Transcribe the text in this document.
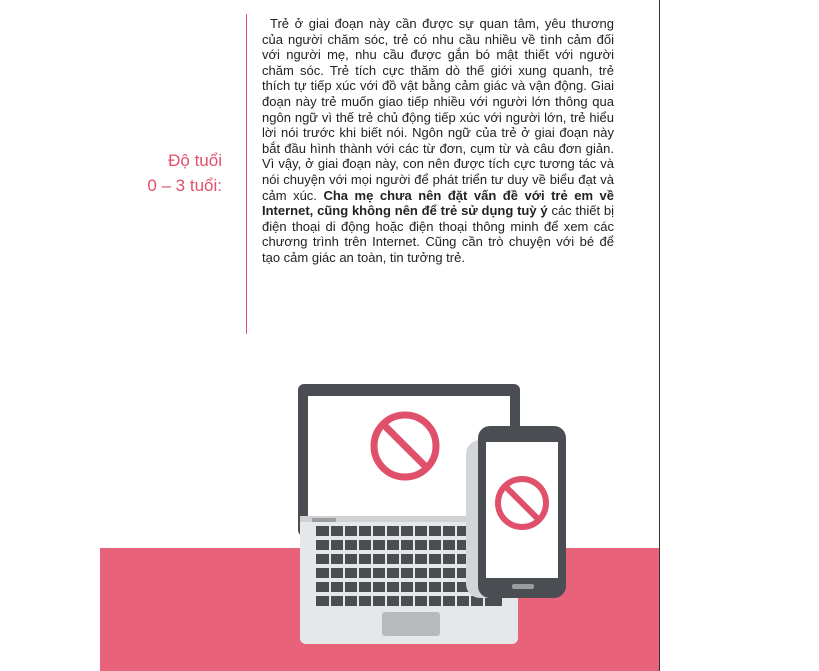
Độ tuổi
0 – 3 tuổi:
Trẻ ở giai đoạn này cần được sự quan tâm, yêu thương của người chăm sóc, trẻ có nhu cầu nhiều về tình cảm đối với người mẹ, nhu cầu được gắn bó mật thiết với người chăm sóc. Trẻ tích cực thăm dò thế giới xung quanh, trẻ thích tự tiếp xúc với đồ vật bằng cảm giác và vận động. Giai đoạn này trẻ muốn giao tiếp nhiều với người lớn thông qua ngôn ngữ vì thế trẻ chủ động tiếp xúc với người lớn, trẻ hiểu lời nói trước khi biết nói. Ngôn ngữ của trẻ ở giai đoạn này bắt đầu hình thành với các từ đơn, cụm từ và câu đơn giản. Vì vậy, ở giai đoạn này, con nên được tích cực tương tác và nói chuyện với mọi người để phát triển tư duy về biểu đạt và cảm xúc. Cha mẹ chưa nên đặt vấn đề với trẻ em về Internet, cũng không nên để trẻ sử dụng tuỳ ý các thiết bị điện thoại di động hoặc điện thoại thông minh để xem các chương trình trên Internet. Cũng cần trò chuyện với bé để tạo cảm giác an toàn, tin tưởng trẻ.
